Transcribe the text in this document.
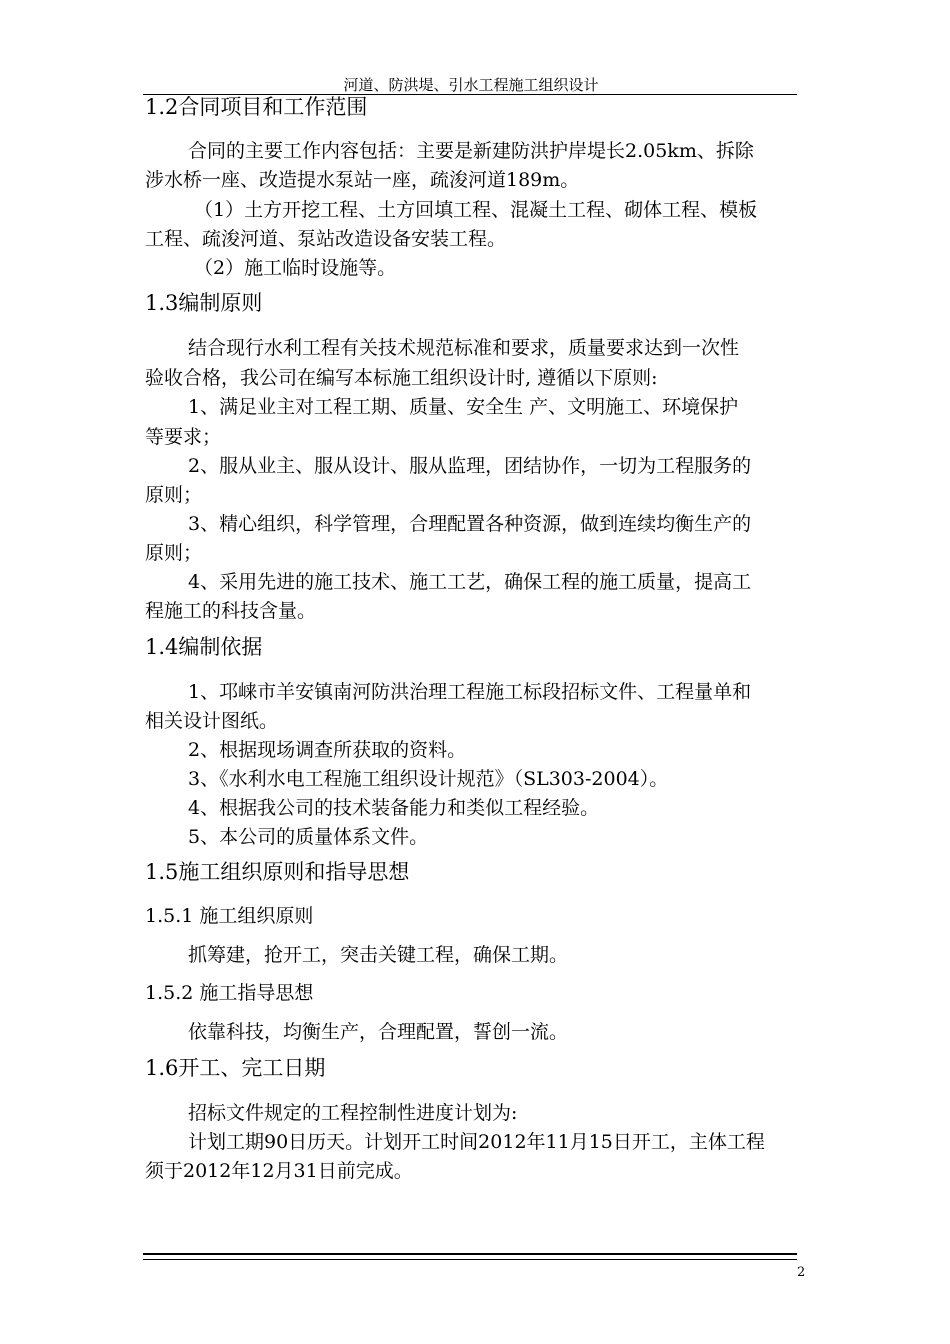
河道、防洪堤、引水工程施工组织设计
1.2合同项目和工作范围
合同的主要工作内容包括：主要是新建防洪护岸堤长2.05km、拆除
涉水桥一座、改造提水泵站一座，疏浚河道189m。
（1）土方开挖工程、土方回填工程、混凝土工程、砌体工程、模板
工程、疏浚河道、泵站改造设备安装工程。
（2）施工临时设施等。
1.3编制原则
结合现行水利工程有关技术规范标准和要求，质量要求达到一次性
验收合格，我公司在编写本标施工组织设计时, 遵循以下原则:
1、满足业主对工程工期、质量、安全生 产、文明施工、环境保护
等要求；
2、服从业主、服从设计、服从监理，团结协作，一切为工程服务的
原则；
3、精心组织，科学管理，合理配置各种资源，做到连续均衡生产的
原则；
4、采用先进的施工技术、施工工艺，确保工程的施工质量，提高工
程施工的科技含量。
1.4编制依据
1、邛崃市羊安镇南河防洪治理工程施工标段招标文件、工程量单和
相关设计图纸。
2、根据现场调查所获取的资料。
3、《水利水电工程施工组织设计规范》（SL303-2004）。
4、根据我公司的技术装备能力和类似工程经验。
5、本公司的质量体系文件。
1.5施工组织原则和指导思想
1.5.1 施工组织原则
抓筹建，抢开工，突击关键工程，确保工期。
1.5.2 施工指导思想
依靠科技，均衡生产，合理配置，誓创一流。
1.6开工、完工日期
招标文件规定的工程控制性进度计划为:
计划工期90日历天。计划开工时间2012年11月15日开工，主体工程
须于2012年12月31日前完成。
2
